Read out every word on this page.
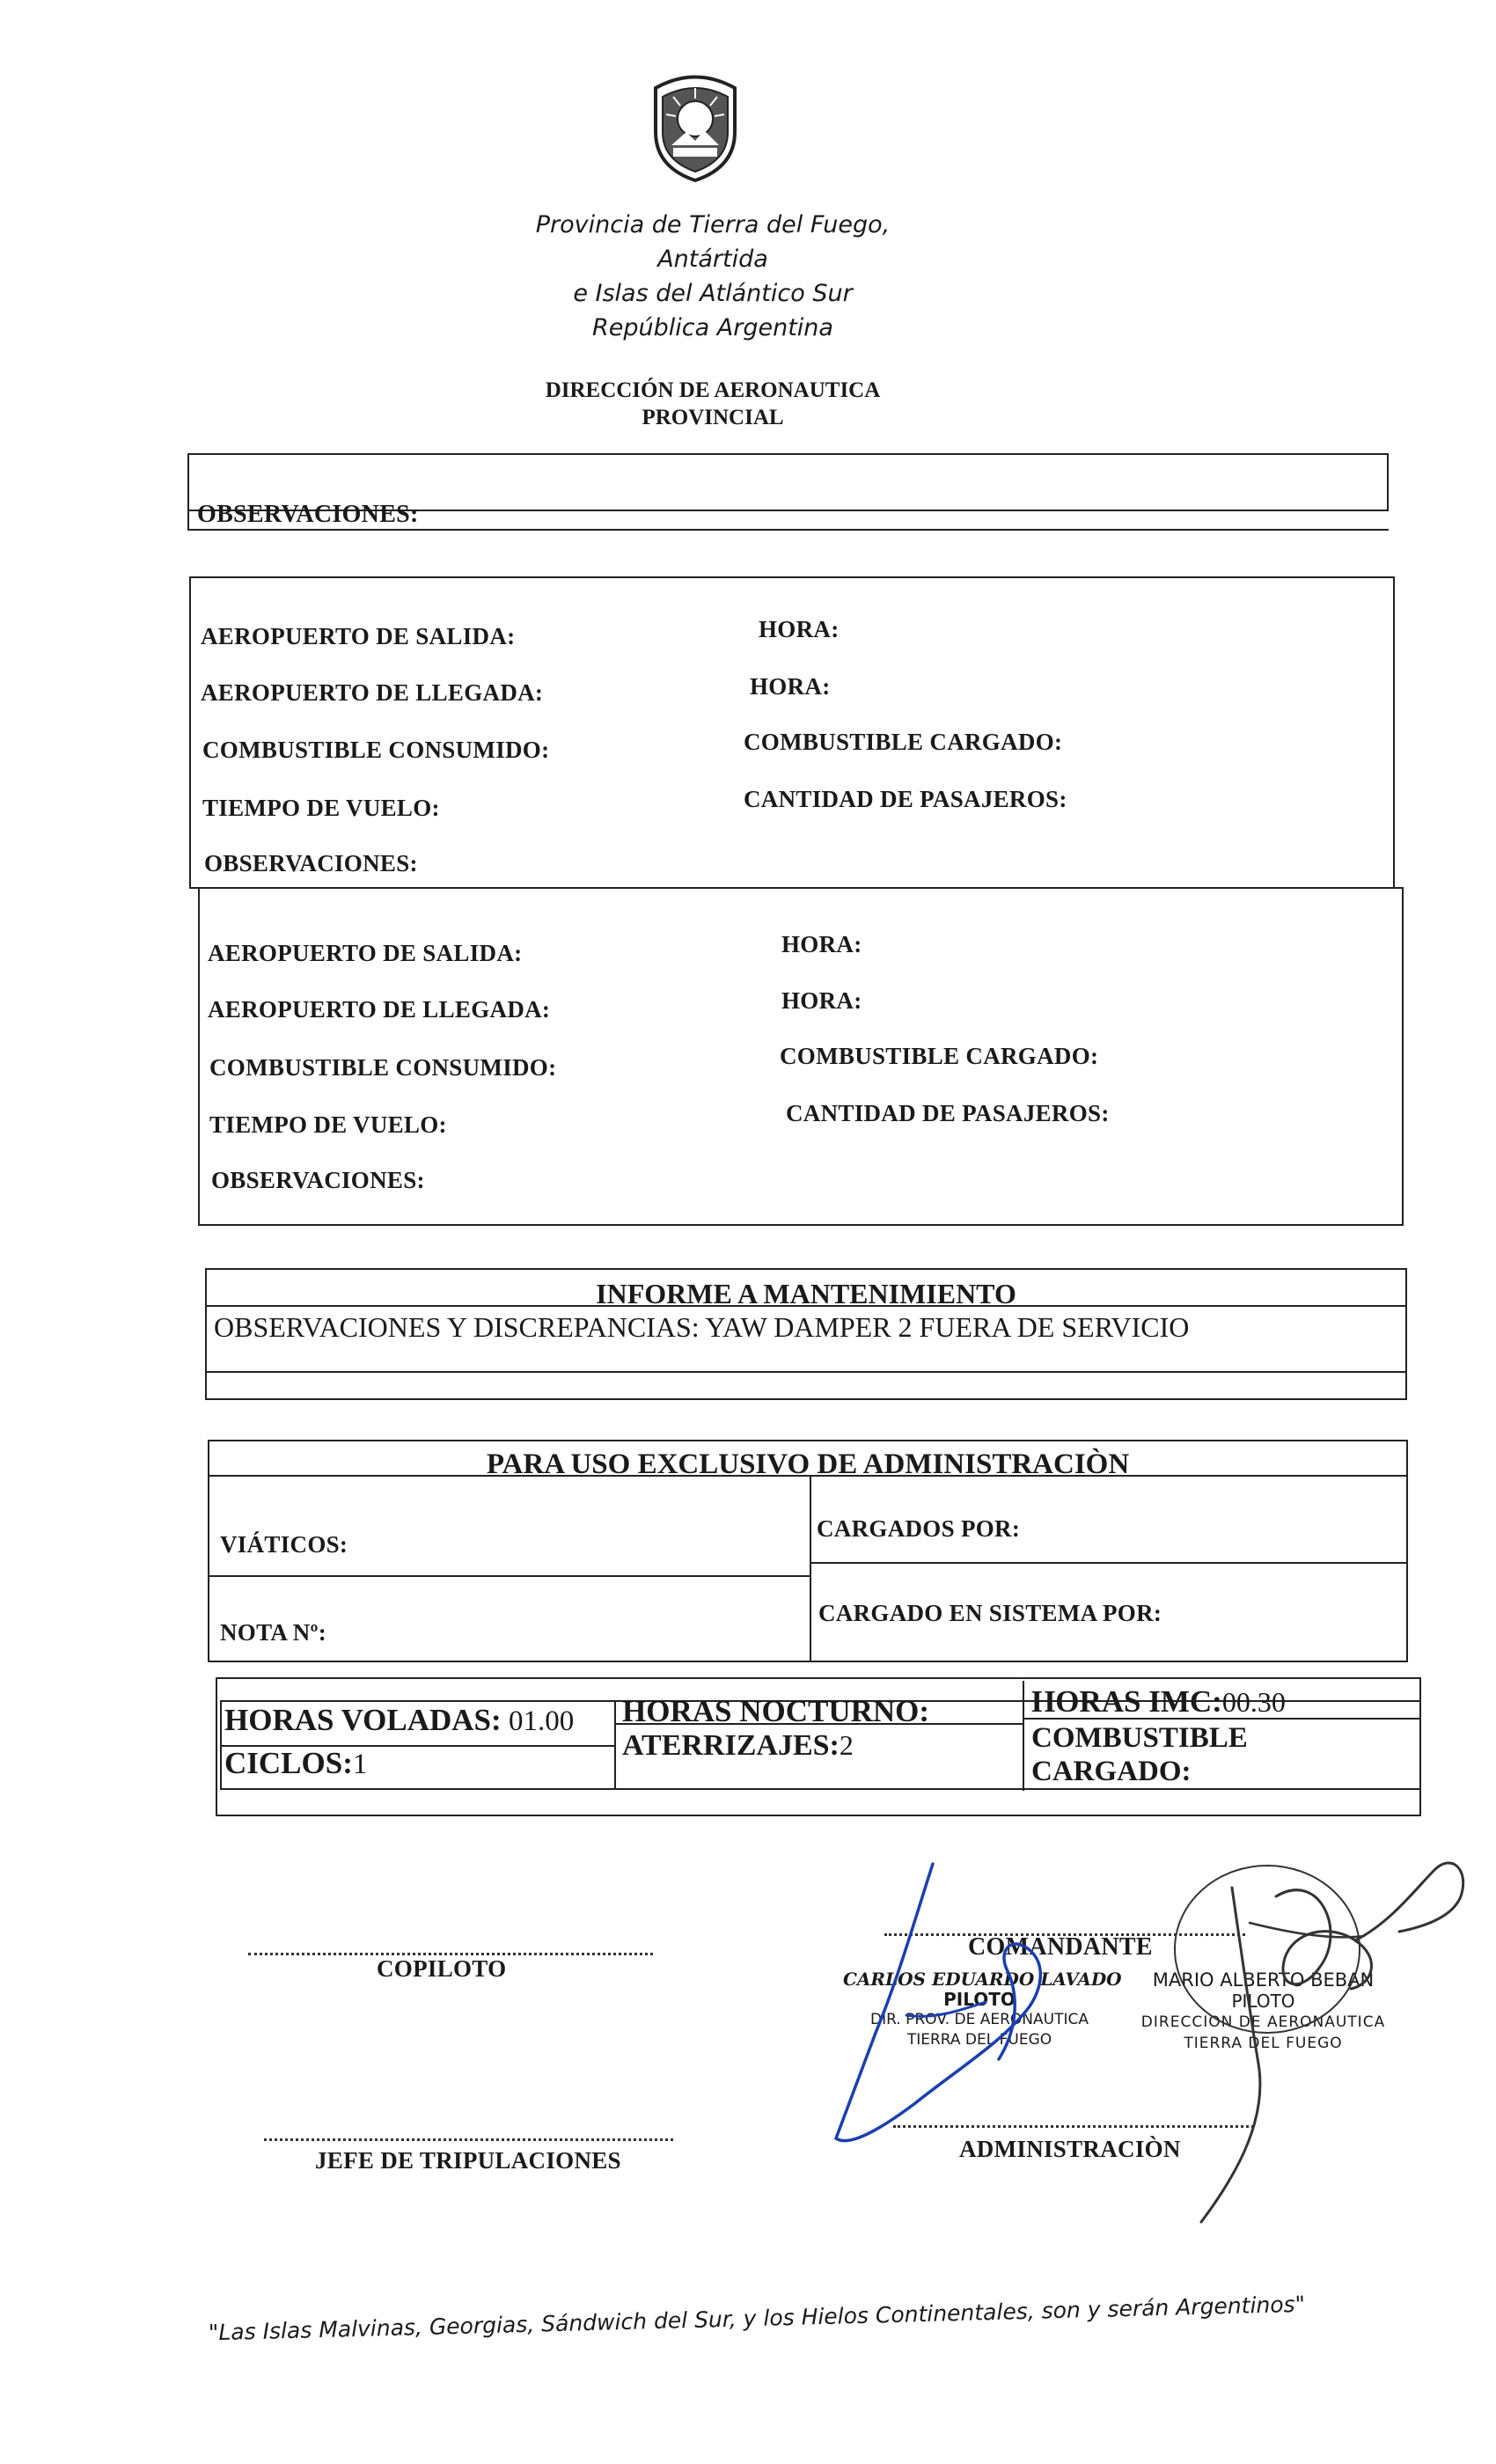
Provincia de Tierra del Fuego,
Antártida
e Islas del Atlántico Sur
República Argentina
DIRECCIÓN DE AERONAUTICA
PROVINCIAL
OBSERVACIONES:
AEROPUERTO DE SALIDA:
AEROPUERTO DE LLEGADA:
COMBUSTIBLE CONSUMIDO:
TIEMPO DE VUELO:
OBSERVACIONES:
HORA:
HORA:
COMBUSTIBLE CARGADO:
CANTIDAD DE PASAJEROS:
AEROPUERTO DE SALIDA:
AEROPUERTO DE LLEGADA:
COMBUSTIBLE CONSUMIDO:
TIEMPO DE VUELO:
OBSERVACIONES:
HORA:
HORA:
COMBUSTIBLE CARGADO:
CANTIDAD DE PASAJEROS:
INFORME A MANTENIMIENTO
OBSERVACIONES Y DISCREPANCIAS: YAW DAMPER 2 FUERA DE SERVICIO
PARA USO EXCLUSIVO DE ADMINISTRACIÒN
VIÁTICOS:
CARGADOS POR:
NOTA Nº:
CARGADO EN SISTEMA POR:
HORAS VOLADAS: 01.00
CICLOS:1
HORAS NOCTURNO:
ATERRIZAJES:2
HORAS IMC:00.30
COMBUSTIBLE
CARGADO:
COPILOTO
COMANDANTE
JEFE DE TRIPULACIONES	ADMINISTRACIÒN
CARLOS EDUARDO LAVADO
PILOTO
DIR. PROV. DE AERONAUTICA
TIERRA DEL FUEGO
MARIO ALBERTO BEBAN
PILOTO
DIRECCION DE AERONAUTICA
TIERRA DEL FUEGO
"Las Islas Malvinas, Georgias, Sándwich del Sur, y los Hielos Continentales, son y serán Argentinos"
